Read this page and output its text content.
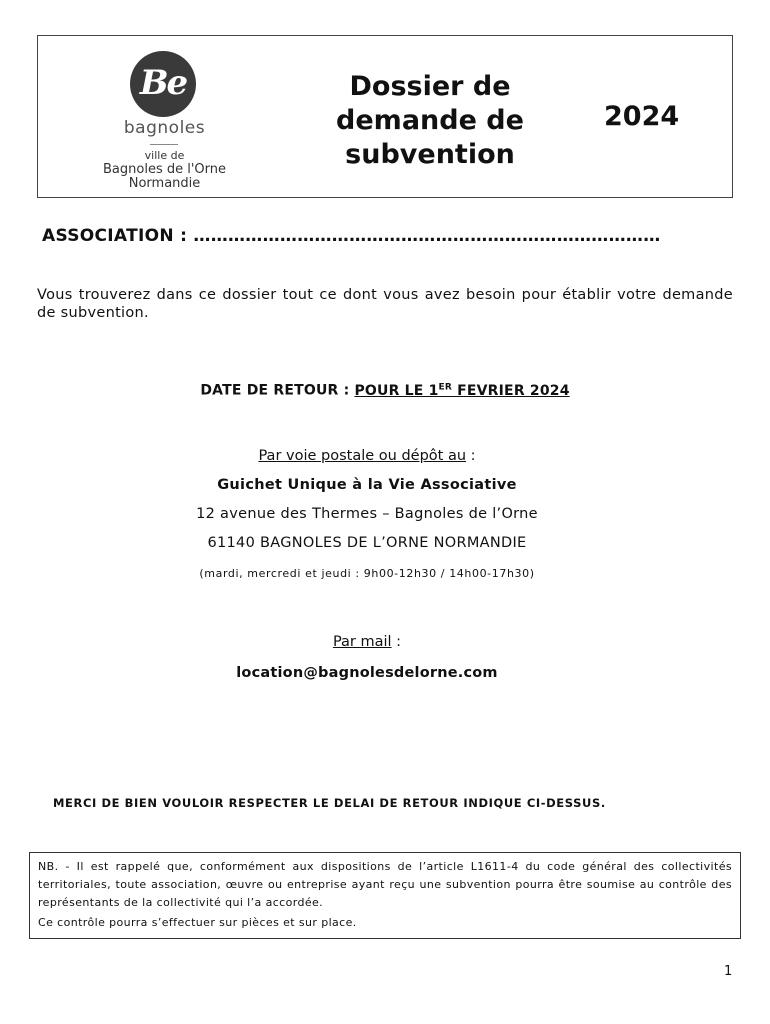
Be
bagnoles
ville de
Bagnoles de l'Orne
Normandie
Dossier de
demande de
subvention
2024
ASSOCIATION : ………………………………………………………………………
Vous trouverez dans ce dossier tout ce dont vous avez besoin pour établir votre demande de subvention.
DATE DE RETOUR : POUR LE 1ER FEVRIER 2024
Par voie postale ou dépôt au :
Guichet Unique à la Vie Associative
12 avenue des Thermes – Bagnoles de l’Orne
61140 BAGNOLES DE L’ORNE NORMANDIE
(mardi, mercredi et jeudi : 9h00-12h30 / 14h00-17h30)
Par mail :
location@bagnolesdelorne.com
MERCI DE BIEN VOULOIR RESPECTER LE DELAI DE RETOUR INDIQUE CI-DESSUS.

NB. - Il est rappelé que, conformément aux dispositions de l’article L1611-4 du code général des collectivités territoriales, toute association, œuvre ou entreprise ayant reçu une subvention pourra être soumise au contrôle des représentants de la collectivité qui l’a accordée.

Ce contrôle pourra s’effectuer sur pièces et sur place.

1
